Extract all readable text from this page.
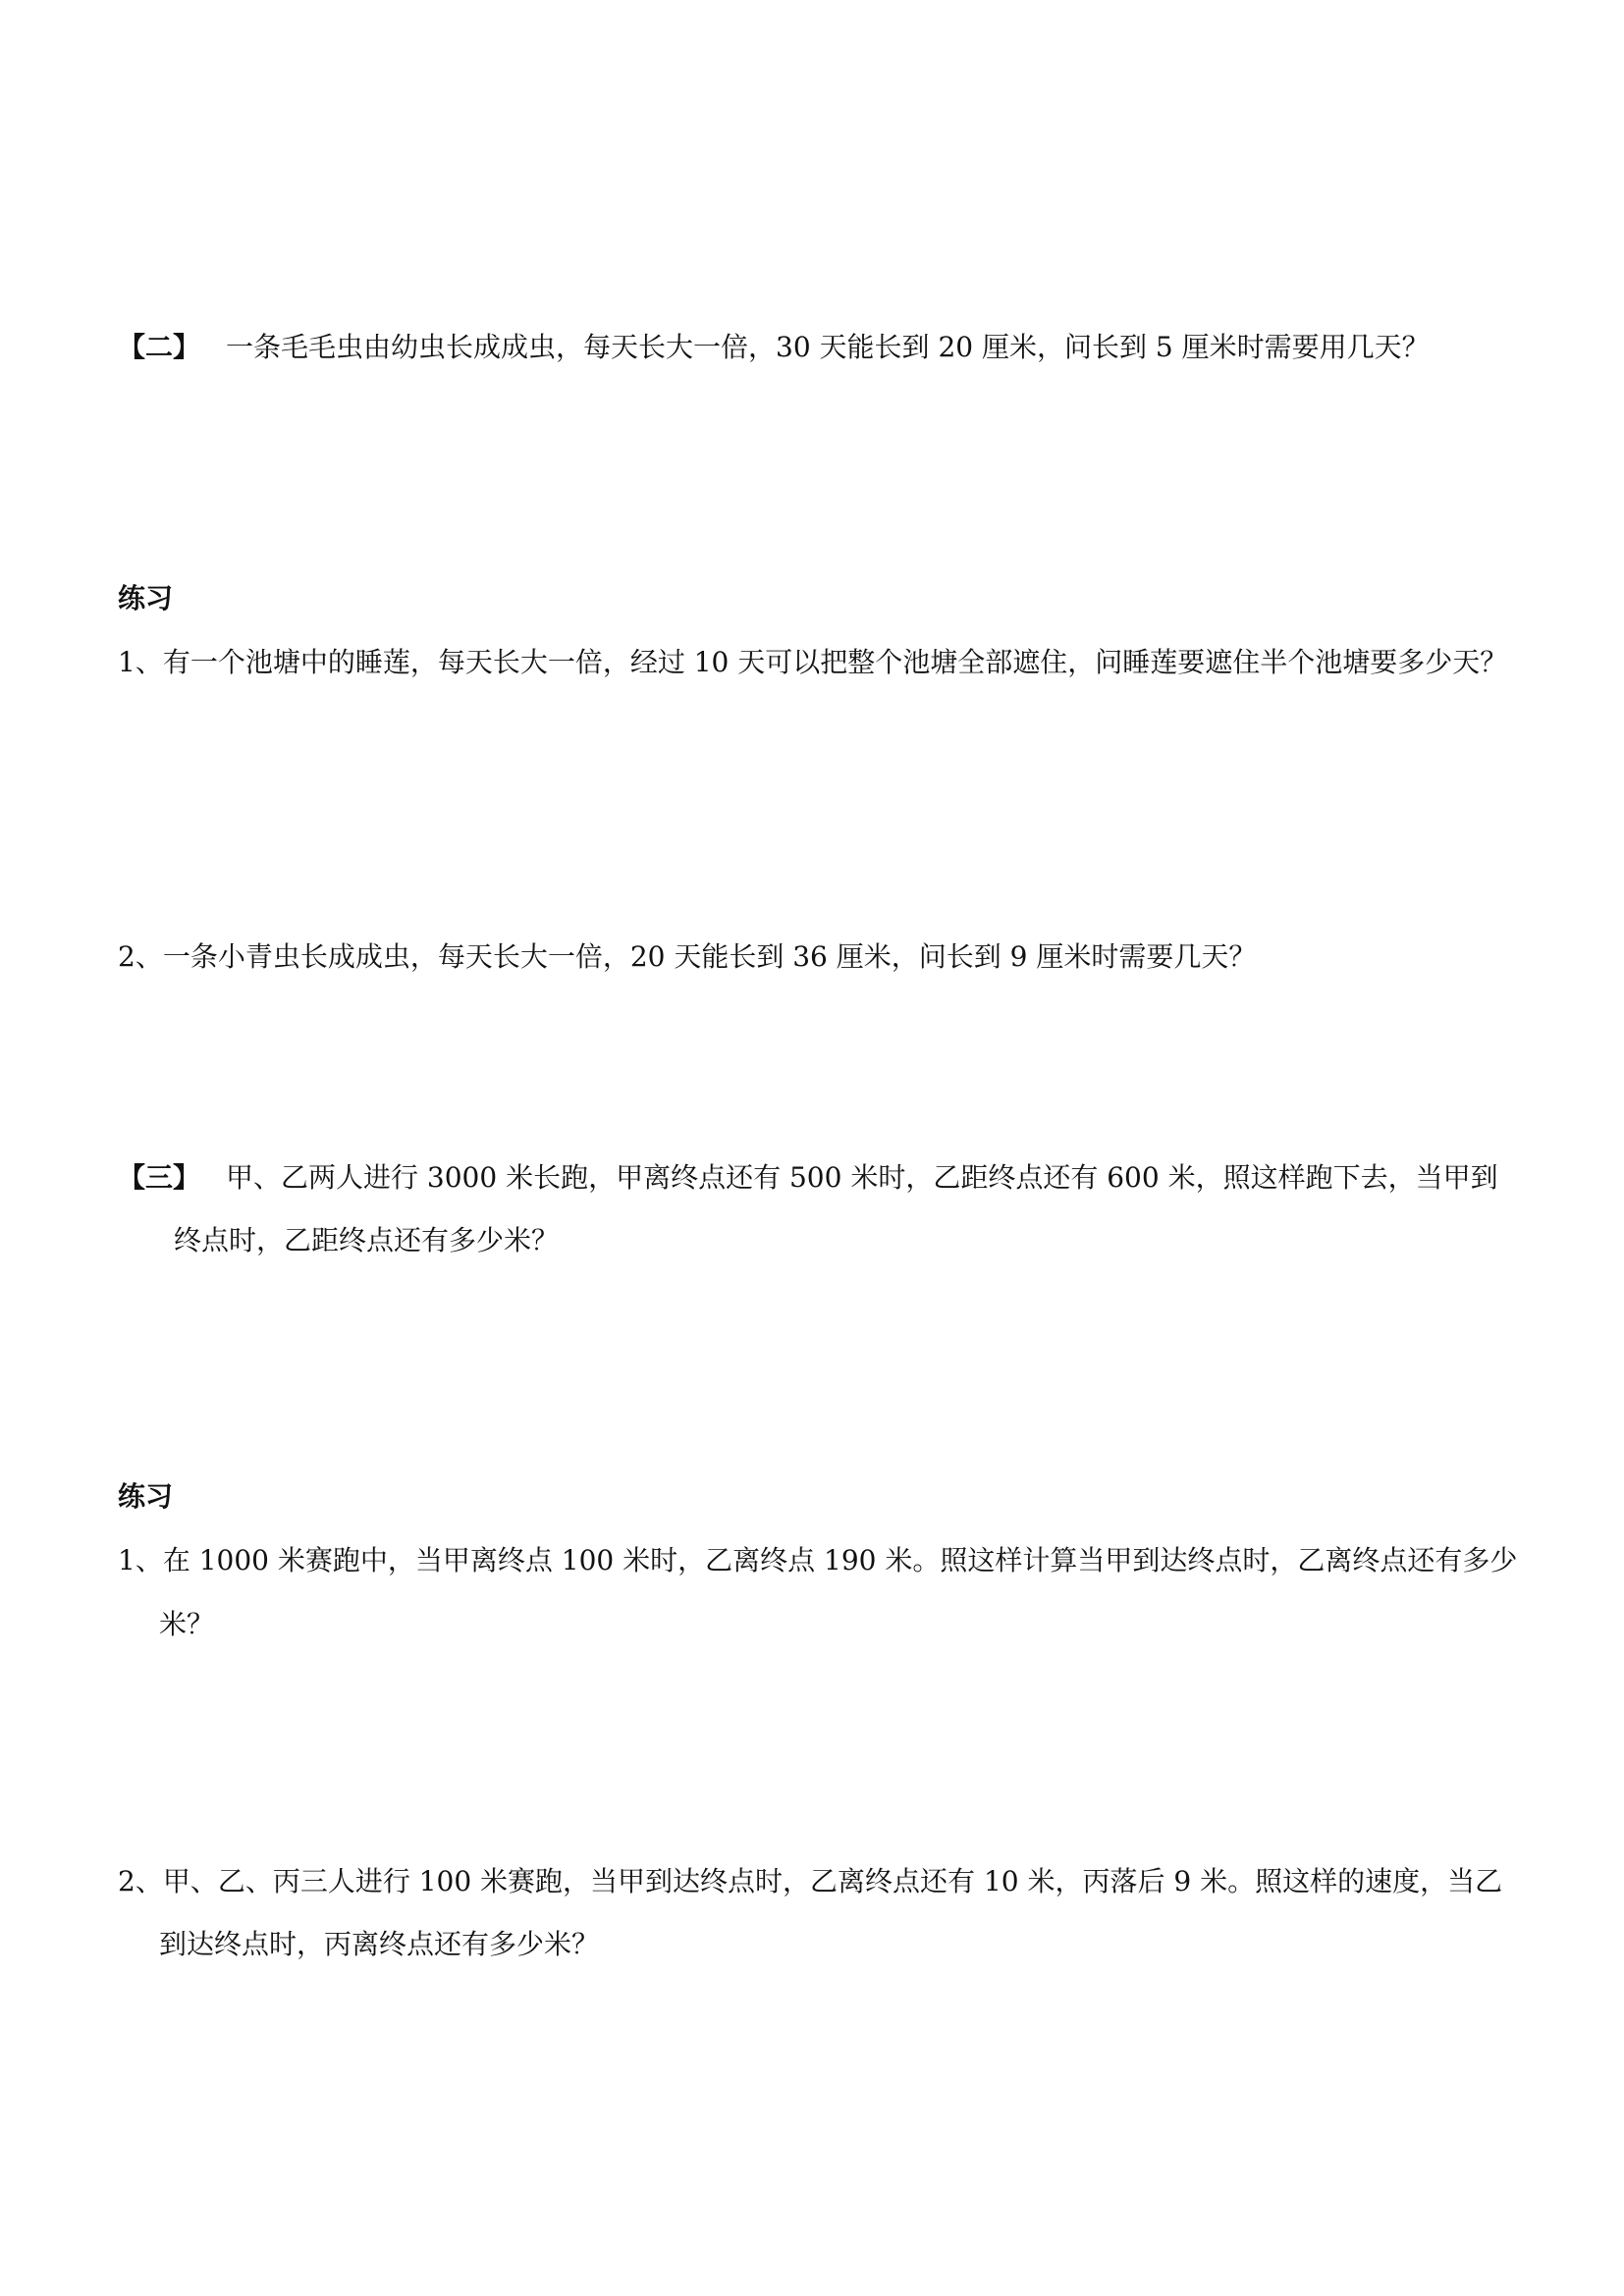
【二】 一条毛毛虫由幼虫长成成虫，每天长大一倍，30 天能长到 20 厘米，问长到 5 厘米时需要用几天？
练习
1、有一个池塘中的睡莲，每天长大一倍，经过 10 天可以把整个池塘全部遮住，问睡莲要遮住半个池塘要多少天？
2、一条小青虫长成成虫，每天长大一倍，20 天能长到 36 厘米，问长到 9 厘米时需要几天？
【三】 甲、乙两人进行 3000 米长跑，甲离终点还有 500 米时，乙距终点还有 600 米，照这样跑下去，当甲到
终点时，乙距终点还有多少米？
练习
1、在 1000 米赛跑中，当甲离终点 100 米时，乙离终点 190 米。照这样计算当甲到达终点时，乙离终点还有多少
米？
2、甲、乙、丙三人进行 100 米赛跑，当甲到达终点时，乙离终点还有 10 米，丙落后 9 米。照这样的速度，当乙
到达终点时，丙离终点还有多少米？
